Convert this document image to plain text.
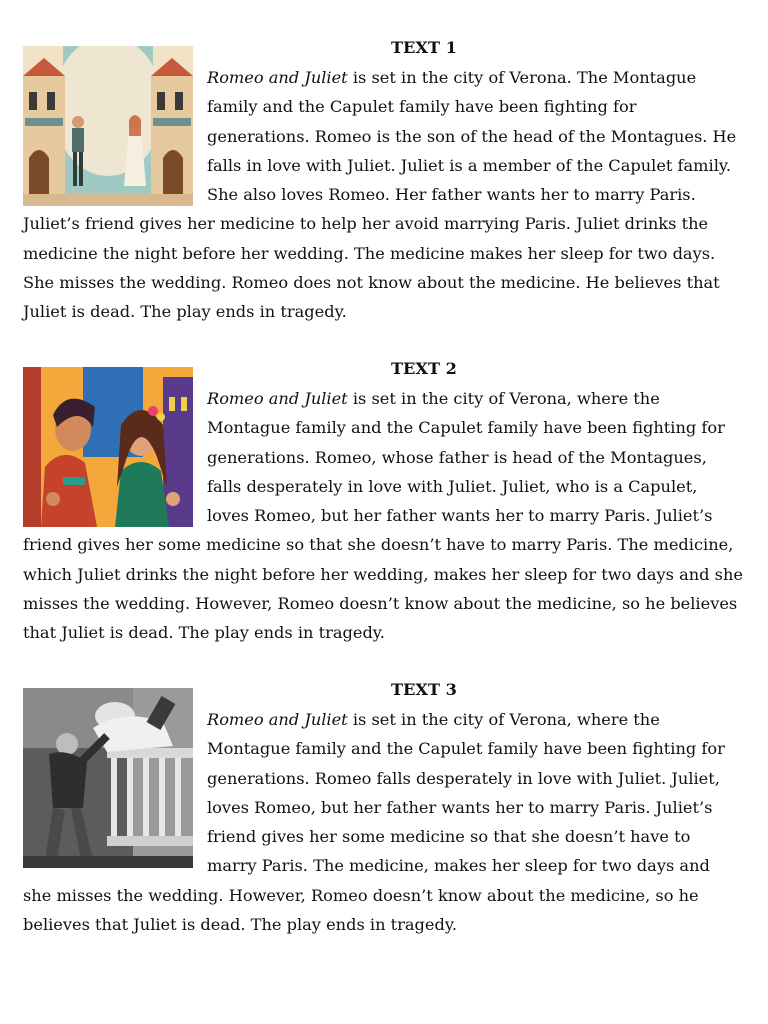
TEXT 1
Romeo and Juliet is set in the city of Verona. The Montague family and the Capulet family have been fighting for generations. Romeo is the son of the head of the Montagues. He falls in love with Juliet. Juliet is a member of the Capulet family. She also loves Romeo. Her father wants her to marry Paris. Juliet’s friend gives her medicine to help her avoid marrying Paris. Juliet drinks the medicine the night before her wedding. The medicine makes her sleep for two days. She misses the wedding. Romeo does not know about the medicine. He believes that Juliet is dead. The play ends in tragedy.

TEXT 2
Romeo and Juliet is set in the city of Verona, where the Montague family and the Capulet family have been fighting for generations. Romeo, whose father is head of the Montagues, falls desperately in love with Juliet. Juliet, who is a Capulet, loves Romeo, but her father wants her to marry Paris. Juliet’s friend gives her some medicine so that she doesn’t have to marry Paris. The medicine, which Juliet drinks the night before her wedding, makes her sleep for two days and she misses the wedding. However, Romeo doesn’t know about the medicine, so he believes that Juliet is dead. The play ends in tragedy.

TEXT 3
Romeo and Juliet is set in the city of Verona, where the Montague family and the Capulet family have been fighting for generations. Romeo falls desperately in love with Juliet. Juliet, loves Romeo, but her father wants her to marry Paris. Juliet’s friend gives her some medicine so that she doesn’t have to marry Paris. The medicine, makes her sleep for two days and she misses the wedding. However, Romeo doesn’t know about the medicine, so he believes that Juliet is dead. The play ends in tragedy.
